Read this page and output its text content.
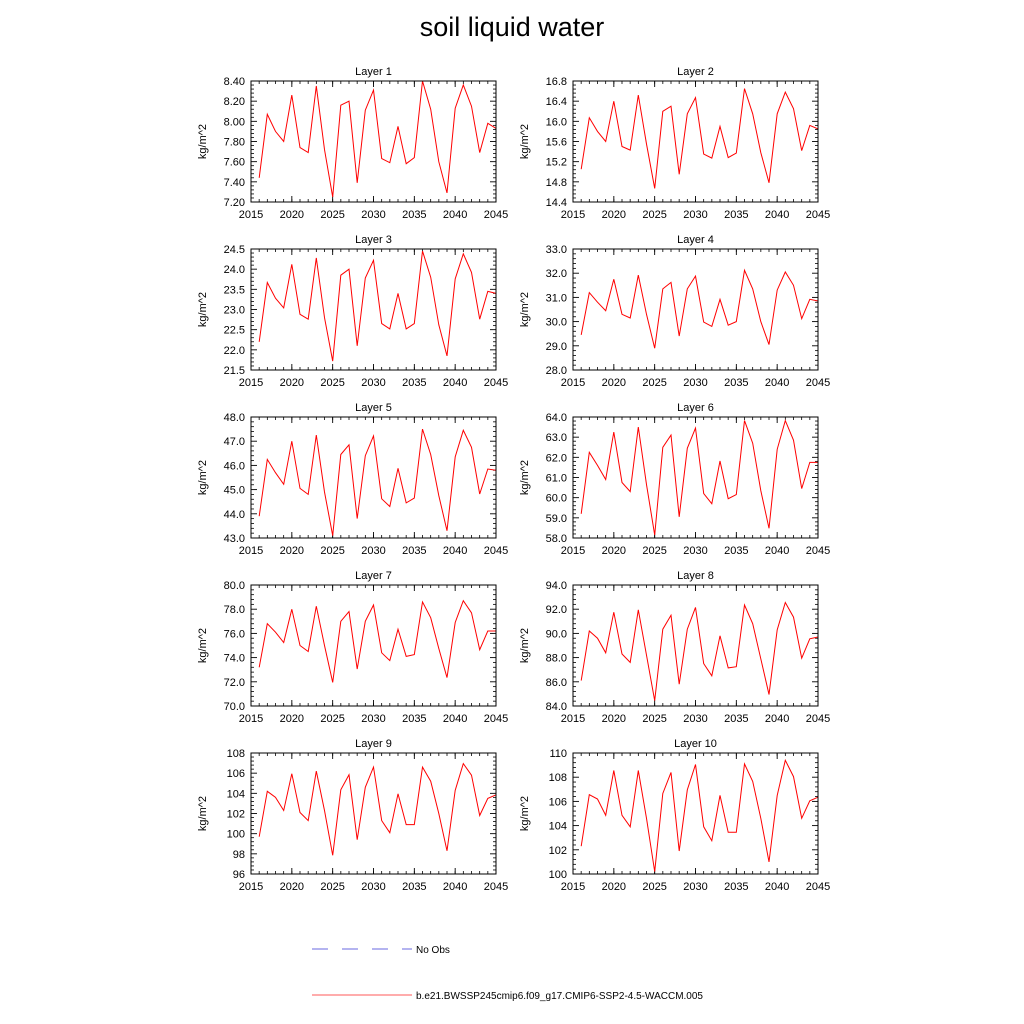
soil liquid water
Layer 1
kg/m^2
2015 2020 2025 2030 2035 2040 2045
7.20
7.40
7.60
7.80
8.00
8.20
8.40
Layer 2
kg/m^2
2015 2020 2025 2030 2035 2040 2045
14.4
14.8
15.2
15.6
16.0
16.4
16.8
Layer 3
kg/m^2
2015 2020 2025 2030 2035 2040 2045
21.5
22.0
22.5
23.0
23.5
24.0
24.5
Layer 4
kg/m^2
2015 2020 2025 2030 2035 2040 2045
28.0
29.0
30.0
31.0
32.0
33.0
Layer 5
kg/m^2
2015 2020 2025 2030 2035 2040 2045
43.0
44.0
45.0
46.0
47.0
48.0
Layer 6
kg/m^2
2015 2020 2025 2030 2035 2040 2045
58.0
59.0
60.0
61.0
62.0
63.0
64.0
Layer 7
kg/m^2
2015 2020 2025 2030 2035 2040 2045
70.0
72.0
74.0
76.0
78.0
80.0
Layer 8
kg/m^2
2015 2020 2025 2030 2035 2040 2045
84.0
86.0
88.0
90.0
92.0
94.0
Layer 9
kg/m^2
2015 2020 2025 2030 2035 2040 2045
96
98
100
102
104
106
108
Layer 10
kg/m^2
2015 2020 2025 2030 2035 2040 2045
100
102
104
106
108
110
No Obs
b.e21.BWSSP245cmip6.f09_g17.CMIP6-SSP2-4.5-WACCM.005
